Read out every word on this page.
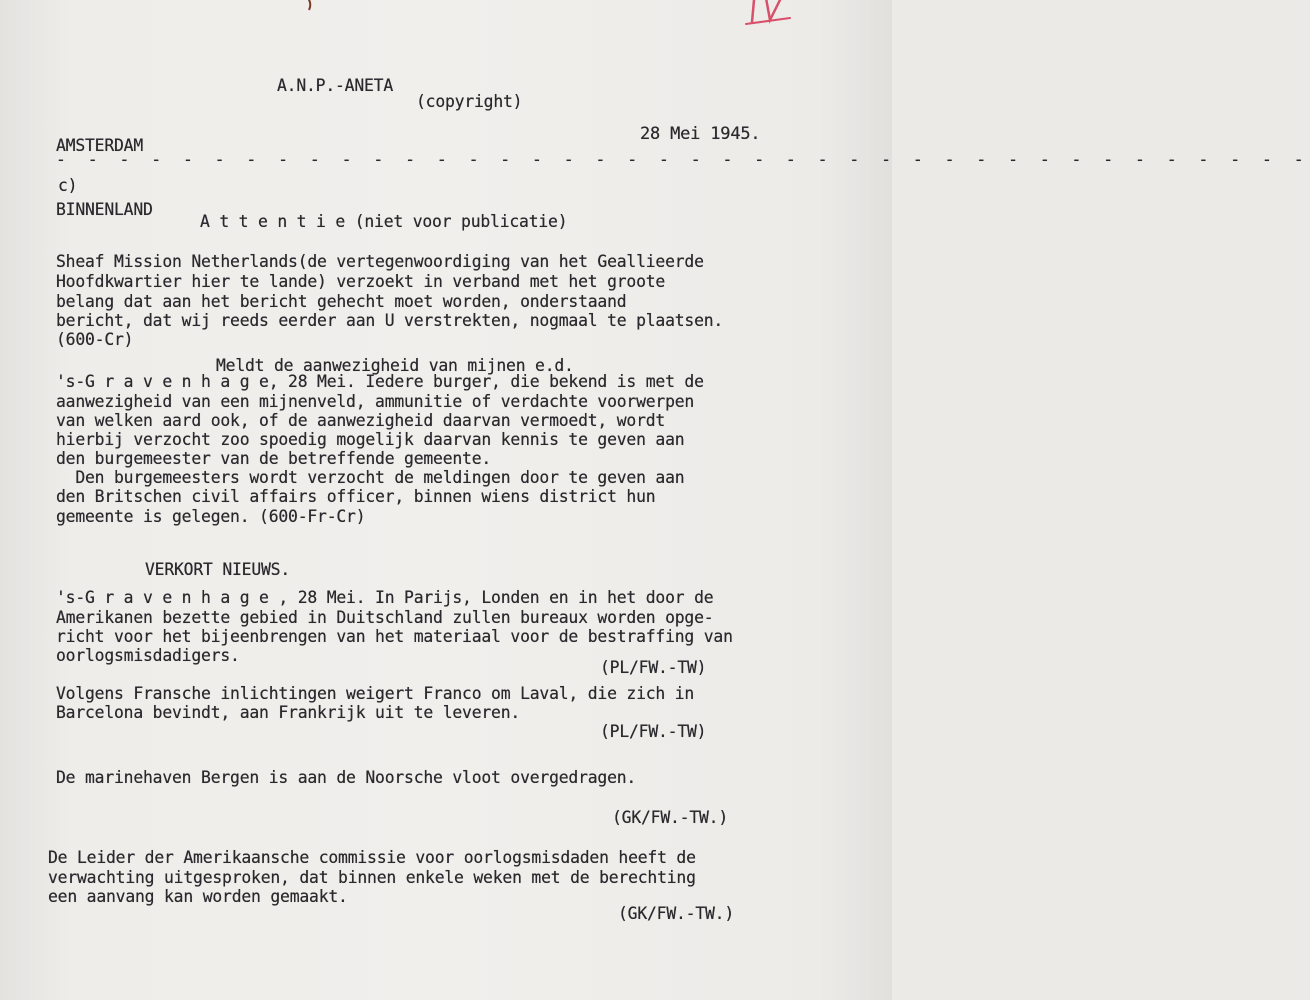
A.N.P.-ANETA
(copyright)
AMSTERDAM
28 Mei 1945.
- - - - - - - - - - - - - - - - - - - - - - - - - - - - - - - - - - - - - - - -
c)
BINNENLAND
A t t e n t i e (niet voor publicatie)
Sheaf Mission Netherlands(de vertegenwoordiging van het Geallieerde
Hoofdkwartier hier te lande) verzoekt in verband met het groote
belang dat aan het bericht gehecht moet worden, onderstaand
bericht, dat wij reeds eerder aan U verstrekten, nogmaal te plaatsen.
(600-Cr)
Meldt de aanwezigheid van mijnen e.d.
's-G r a v e n h a g e, 28 Mei. Iedere burger, die bekend is met de
aanwezigheid van een mijnenveld, ammunitie of verdachte voorwerpen
van welken aard ook, of de aanwezigheid daarvan vermoedt, wordt
hierbij verzocht zoo spoedig mogelijk daarvan kennis te geven aan
den burgemeester van de betreffende gemeente.
Den burgemeesters wordt verzocht de meldingen door te geven aan
den Britschen civil affairs officer, binnen wiens district hun
gemeente is gelegen. (600-Fr-Cr)
VERKORT NIEUWS.
's-G r a v e n h a g e , 28 Mei. In Parijs, Londen en in het door de
Amerikanen bezette gebied in Duitschland zullen bureaux worden opge-
richt voor het bijeenbrengen van het materiaal voor de bestraffing van
oorlogsmisdadigers.
(PL/FW.-TW)
Volgens Fransche inlichtingen weigert Franco om Laval, die zich in
Barcelona bevindt, aan Frankrijk uit te leveren.
(PL/FW.-TW)
De marinehaven Bergen is aan de Noorsche vloot overgedragen.
(GK/FW.-TW.)
De Leider der Amerikaansche commissie voor oorlogsmisdaden heeft de
verwachting uitgesproken, dat binnen enkele weken met de berechting
een aanvang kan worden gemaakt.
(GK/FW.-TW.)
